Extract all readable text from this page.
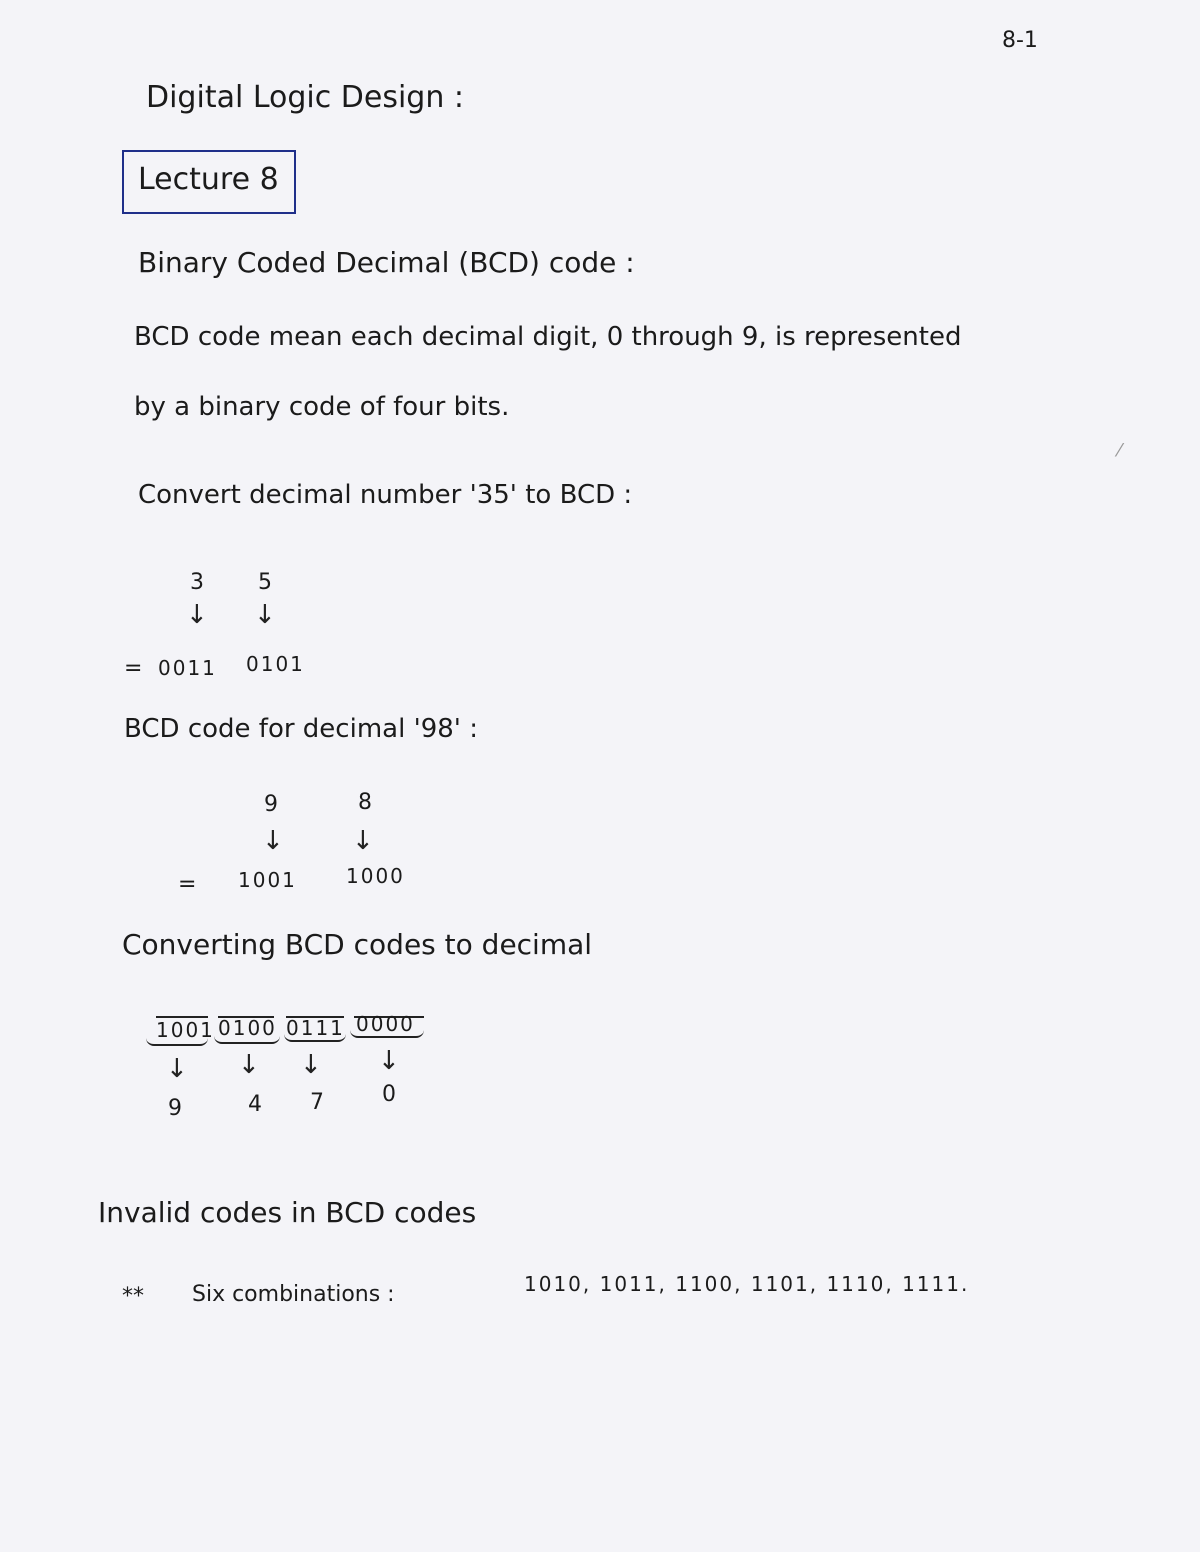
8-1
Digital Logic Design :
Lecture 8
Binary Coded Decimal (BCD) code :
BCD code mean each decimal digit, 0 through 9, is represented
by a binary code of four bits.
⁄
Convert decimal number '35' to BCD :
3 5
↓ ↓
= 0011 0101
BCD code for decimal '98' :
9	8
↓	↓
= 1001 1000
Converting BCD codes to decimal
1001 0100 0111 0000
↓ ↓ ↓ ↓
9	4 7	0
Invalid codes in BCD codes
** Six combinations :	1010, 1011, 1100, 1101, 1110, 1111.
